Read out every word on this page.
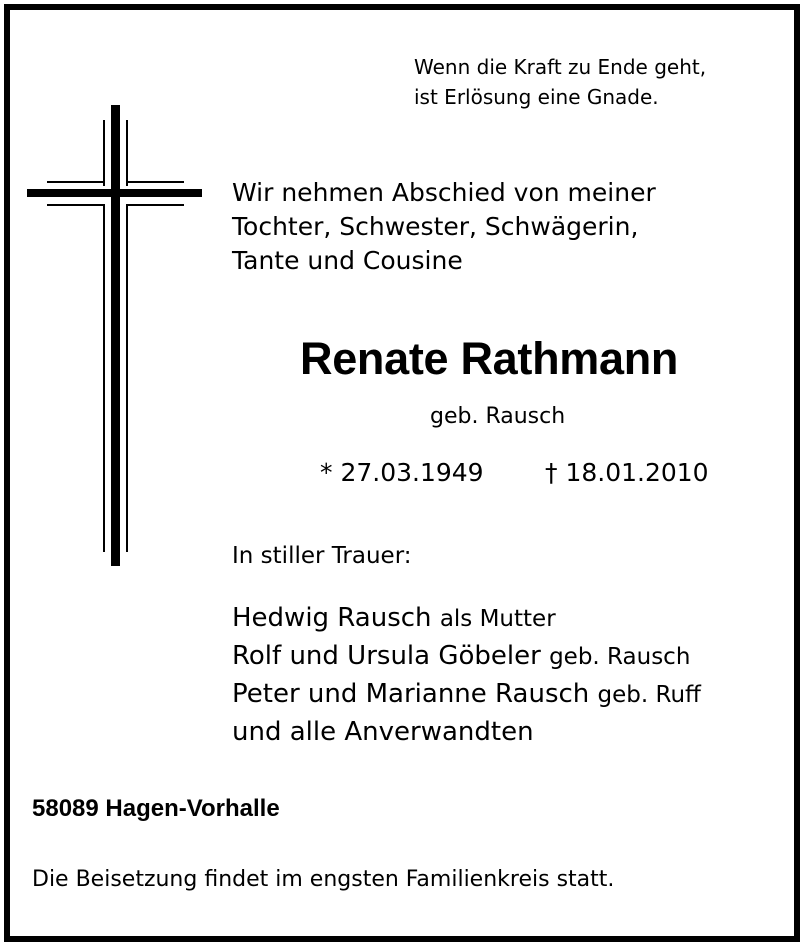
Wenn die Kraft zu Ende geht,
ist Erlösung eine Gnade.
Wir nehmen Abschied von meiner
Tochter, Schwester, Schwägerin,
Tante und Cousine
Renate Rathmann
geb. Rausch
* 27.03.1949 † 18.01.2010
In stiller Trauer:
Hedwig Rausch als Mutter
Rolf und Ursula Göbeler geb. Rausch
Peter und Marianne Rausch geb. Ruff
und alle Anverwandten
58089 Hagen-Vorhalle
Die Beisetzung findet im engsten Familienkreis statt.
